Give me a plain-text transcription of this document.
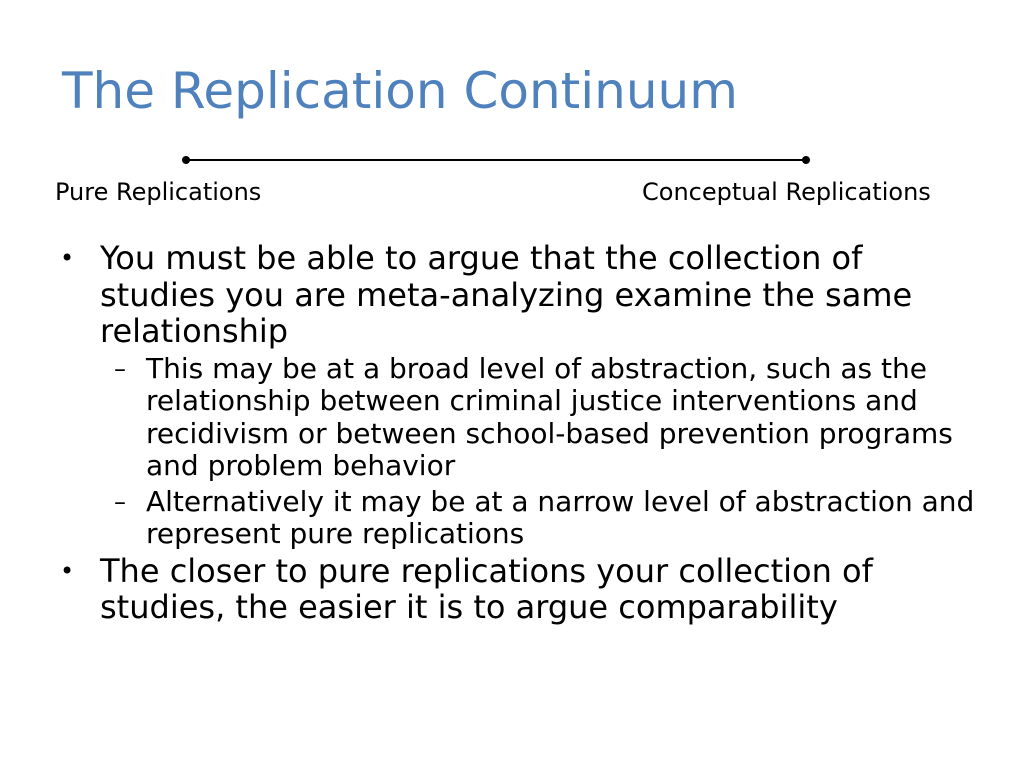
The Replication Continuum
Pure Replications	Conceptual Replications
• You must be able to argue that the collection of studies you are meta-analyzing examine the same relationship
– This may be at a broad level of abstraction, such as the relationship between criminal justice interventions and recidivism or between school-based prevention programs and problem behavior
– Alternatively it may be at a narrow level of abstraction and represent pure replications
• The closer to pure replications your collection of studies, the easier it is to argue comparability
